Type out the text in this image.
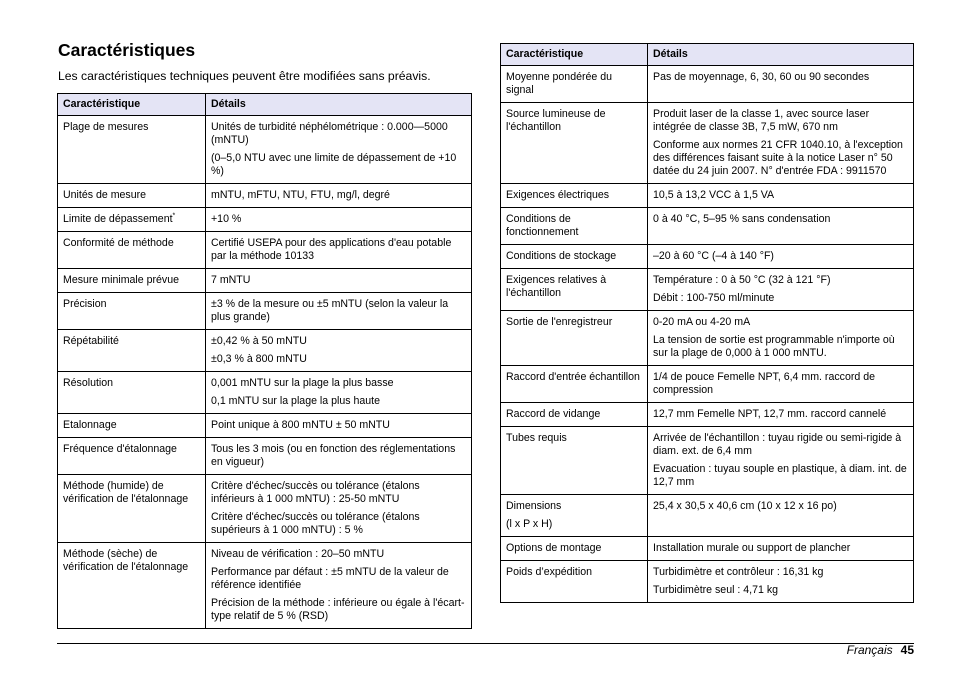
Caractéristiques

Les caractéristiques techniques peuvent être modifiées sans préavis.

Caractéristique	Détails

Plage de mesures	Unités de turbidité néphélométrique : 0.000—5000 (mNTU)

(0–5,0 NTU avec une limite de dépassement de +10 %)

Unités de mesure	mNTU, mFTU, NTU, FTU, mg/l, degré

Limite de dépassement*	+10 %

Conformité de méthode	Certifié USEPA pour des applications d'eau potable par la méthode 10133

Mesure minimale prévue	7 mNTU

Précision	±3 % de la mesure ou ±5 mNTU (selon la valeur la plus grande)

Répétabilité	±0,42 % à 50 mNTU

±0,3 % à 800 mNTU

Résolution	0,001 mNTU sur la plage la plus basse

0,1 mNTU sur la plage la plus haute

Etalonnage	Point unique à 800 mNTU ± 50 mNTU

Fréquence d'étalonnage	Tous les 3 mois (ou en fonction des réglementations en vigueur)

Méthode (humide) de vérification de l'étalonnage	Critère d'échec/succès ou tolérance (étalons inférieurs à 1 000 mNTU) : 25-50 mNTU

Critère d'échec/succès ou tolérance (étalons supérieurs à 1 000 mNTU) : 5 %

Méthode (sèche) de vérification de l'étalonnage	Niveau de vérification : 20–50 mNTU

Performance par défaut : ±5 mNTU de la valeur de référence identifiée

Précision de la méthode : inférieure ou égale à l'écart-type relatif de 5 % (RSD)

Caractéristique	Détails

Moyenne pondérée du signal	Pas de moyennage, 6, 30, 60 ou 90 secondes

Source lumineuse de l'échantillon	Produit laser de la classe 1, avec source laser intégrée de classe 3B, 7,5 mW, 670 nm

Conforme aux normes 21 CFR 1040.10, à l'exception des différences faisant suite à la notice Laser n° 50 datée du 24 juin 2007. N° d'entrée FDA : 9911570

Exigences électriques	10,5 à 13,2 VCC à 1,5 VA

Conditions de fonctionnement	0 à 40 °C, 5–95 % sans condensation

Conditions de stockage	–20 à 60 °C (–4 à 140 °F)

Exigences relatives à l'échantillon	Température : 0 à 50 °C (32 à 121 °F)

Débit : 100-750 ml/minute

Sortie de l'enregistreur	0-20 mA ou 4-20 mA

La tension de sortie est programmable n'importe où sur la plage de 0,000 à 1 000 mNTU.

Raccord d'entrée échantillon	1/4 de pouce Femelle NPT, 6,4 mm. raccord de compression

Raccord de vidange	12,7 mm Femelle NPT, 12,7 mm. raccord cannelé

Tubes requis	Arrivée de l'échantillon : tuyau rigide ou semi-rigide à diam. ext. de 6,4 mm

Evacuation : tuyau souple en plastique, à diam. int. de 12,7 mm

Dimensions

(l x P x H)	25,4 x 30,5 x 40,6 cm (10 x 12 x 16 po)

Options de montage	Installation murale ou support de plancher

Poids d’expédition	Turbidimètre et contrôleur : 16,31 kg

Turbidimètre seul : 4,71 kg

Français 45
